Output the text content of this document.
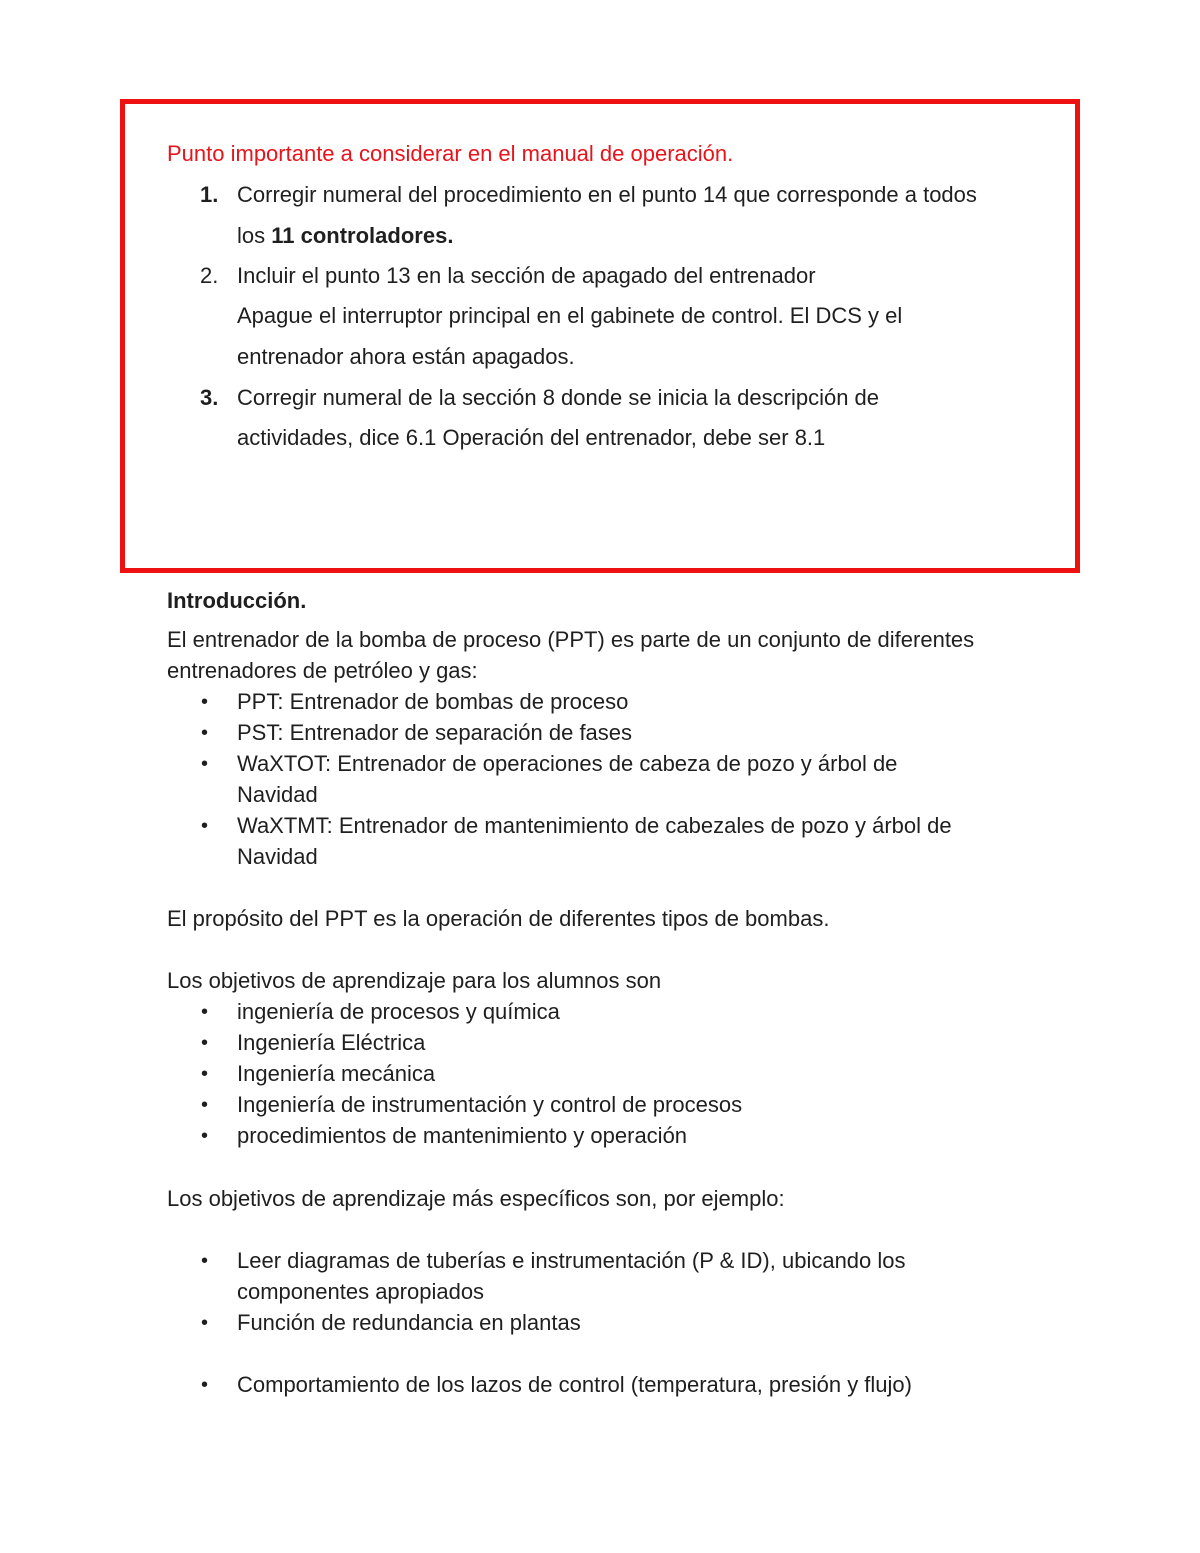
Punto importante a considerar en el manual de operación.
1. Corregir numeral del procedimiento en el punto 14 que corresponde a todos
los 11 controladores.
2. Incluir el punto 13 en la sección de apagado del entrenador
Apague el interruptor principal en el gabinete de control. El DCS y el
entrenador ahora están apagados.
3. Corregir numeral de la sección 8 donde se inicia la descripción de
actividades, dice 6.1 Operación del entrenador, debe ser 8.1
Introducción.
El entrenador de la bomba de proceso (PPT) es parte de un conjunto de diferentes
entrenadores de petróleo y gas:
• PPT: Entrenador de bombas de proceso
• PST: Entrenador de separación de fases
• WaXTOT: Entrenador de operaciones de cabeza de pozo y árbol de
Navidad
• WaXTMT: Entrenador de mantenimiento de cabezales de pozo y árbol de
Navidad
El propósito del PPT es la operación de diferentes tipos de bombas.
Los objetivos de aprendizaje para los alumnos son
• ingeniería de procesos y química
• Ingeniería Eléctrica
• Ingeniería mecánica
• Ingeniería de instrumentación y control de procesos
• procedimientos de mantenimiento y operación
Los objetivos de aprendizaje más específicos son, por ejemplo:
• Leer diagramas de tuberías e instrumentación (P & ID), ubicando los
componentes apropiados
• Función de redundancia en plantas
• Comportamiento de los lazos de control (temperatura, presión y flujo)
